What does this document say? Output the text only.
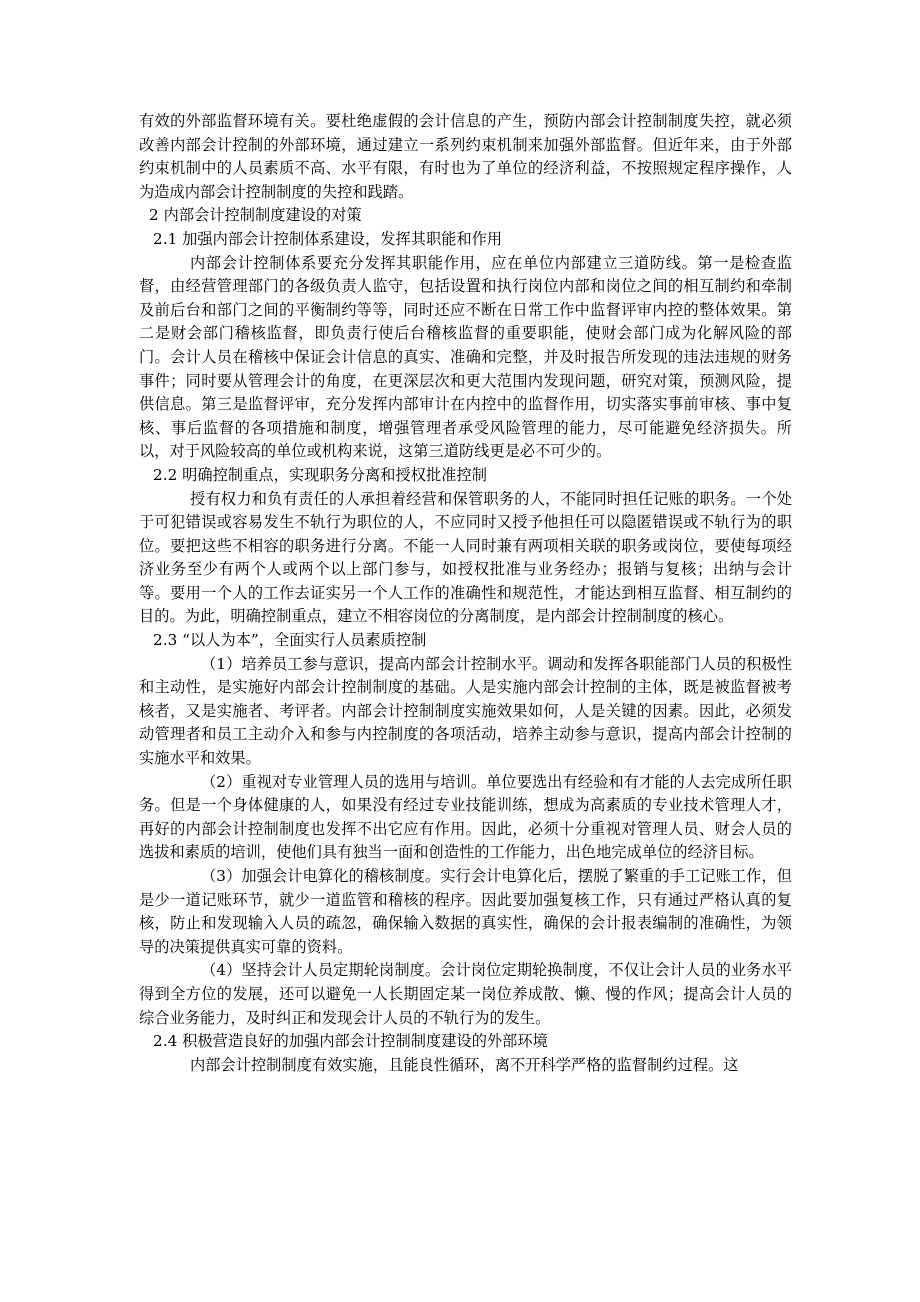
有效的外部监督环境有关。要杜绝虚假的会计信息的产生，预防内部会计控制制度失控，就必须改善内部会计控制的外部环境，通过建立一系列约束机制来加强外部监督。但近年来，由于外部约束机制中的人员素质不高、水平有限，有时也为了单位的经济利益，不按照规定程序操作，人为造成内部会计控制制度的失控和践踏。

2 内部会计控制制度建设的对策

2.1 加强内部会计控制体系建设，发挥其职能和作用

内部会计控制体系要充分发挥其职能作用，应在单位内部建立三道防线。第一是检查监督，由经营管理部门的各级负责人监守，包括设置和执行岗位内部和岗位之间的相互制约和牵制及前后台和部门之间的平衡制约等等，同时还应不断在日常工作中监督评审内控的整体效果。第二是财会部门稽核监督，即负责行使后台稽核监督的重要职能，使财会部门成为化解风险的部门。会计人员在稽核中保证会计信息的真实、准确和完整，并及时报告所发现的违法违规的财务事件；同时要从管理会计的角度，在更深层次和更大范围内发现问题，研究对策，预测风险，提供信息。第三是监督评审，充分发挥内部审计在内控中的监督作用，切实落实事前审核、事中复核、事后监督的各项措施和制度，增强管理者承受风险管理的能力，尽可能避免经济损失。所以，对于风险较高的单位或机构来说，这第三道防线更是必不可少的。

2.2 明确控制重点，实现职务分离和授权批准控制

授有权力和负有责任的人承担着经营和保管职务的人，不能同时担任记账的职务。一个处于可犯错误或容易发生不轨行为职位的人，不应同时又授予他担任可以隐匿错误或不轨行为的职位。要把这些不相容的职务进行分离。不能一人同时兼有两项相关联的职务或岗位，要使每项经济业务至少有两个人或两个以上部门参与，如授权批准与业务经办；报销与复核；出纳与会计等。要用一个人的工作去证实另一个人工作的准确性和规范性，才能达到相互监督、相互制约的目的。为此，明确控制重点，建立不相容岗位的分离制度，是内部会计控制制度的核心。

2.3 “以人为本”，全面实行人员素质控制

（1）培养员工参与意识，提高内部会计控制水平。调动和发挥各职能部门人员的积极性和主动性，是实施好内部会计控制制度的基础。人是实施内部会计控制的主体，既是被监督被考核者，又是实施者、考评者。内部会计控制制度实施效果如何，人是关键的因素。因此，必须发动管理者和员工主动介入和参与内控制度的各项活动，培养主动参与意识，提高内部会计控制的实施水平和效果。

（2）重视对专业管理人员的选用与培训。单位要选出有经验和有才能的人去完成所任职务。但是一个身体健康的人，如果没有经过专业技能训练，想成为高素质的专业技术管理人才，再好的内部会计控制制度也发挥不出它应有作用。因此，必须十分重视对管理人员、财会人员的选拔和素质的培训，使他们具有独当一面和创造性的工作能力，出色地完成单位的经济目标。

（3）加强会计电算化的稽核制度。实行会计电算化后，摆脱了繁重的手工记账工作，但是少一道记账环节，就少一道监管和稽核的程序。因此要加强复核工作，只有通过严格认真的复核，防止和发现输入人员的疏忽，确保输入数据的真实性，确保的会计报表编制的准确性，为领导的决策提供真实可靠的资料。

（4）坚持会计人员定期轮岗制度。会计岗位定期轮换制度，不仅让会计人员的业务水平得到全方位的发展，还可以避免一人长期固定某一岗位养成散、懒、慢的作风；提高会计人员的综合业务能力，及时纠正和发现会计人员的不轨行为的发生。

2.4 积极营造良好的加强内部会计控制制度建设的外部环境

内部会计控制制度有效实施，且能良性循环，离不开科学严格的监督制约过程。这
